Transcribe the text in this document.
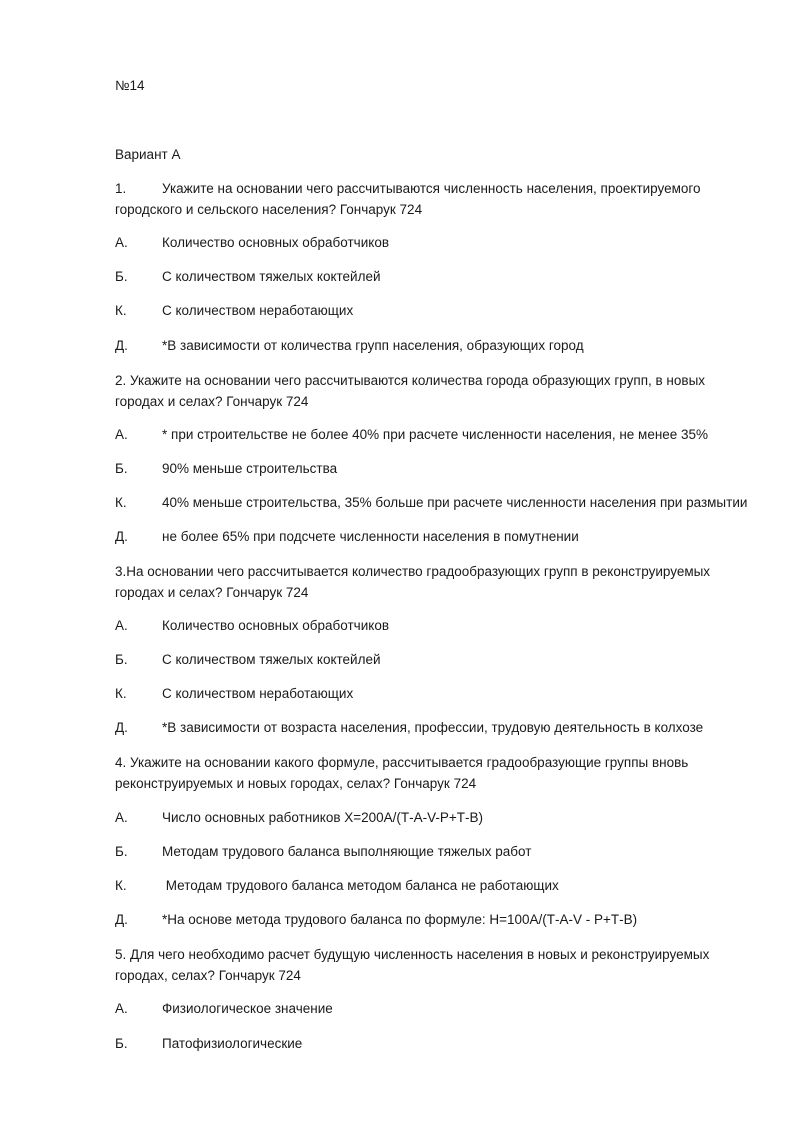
№14
Вариант А
1.	Укажите на основании чего рассчитываются численность населения, проектируемого городского и сельского населения? Гончарук 724
А.	Количество основных обработчиков
Б.	С количеством тяжелых коктейлей
К.	С количеством неработающих
Д.	*В зависимости от количества групп населения, образующих город
2. Укажите на основании чего рассчитываются количества города образующих групп, в новых городах и селах? Гончарук 724
А.	* при строительстве не более 40% при расчете численности населения, не менее 35%
Б.	90% меньше строительства
К.	40% меньше строительства, 35% больше при расчете численности населения при размытии
Д.	не более 65% при подсчете численности населения в помутнении
3.На основании чего рассчитывается количество градообразующих групп в реконструируемых городах и селах? Гончарук 724
А.	Количество основных обработчиков
Б.	С количеством тяжелых коктейлей
К.	С количеством неработающих
Д.	*В зависимости от возраста населения, профессии, трудовую деятельность в колхозе
4. Укажите на основании какого формуле, рассчитывается градообразующие группы вновь реконструируемых и новых городах, селах? Гончарук 724
А.	Число основных работников Х=200А/(Т-А-V-Р+Т-В)
Б.	Методам трудового баланса выполняющие тяжелых работ
К.	Методам трудового баланса методом баланса не работающих
Д.	*На основе метода трудового баланса по формуле: Н=100А/(Т-А-V - Р+Т-В)
5. Для чего необходимо расчет будущую численность населения в новых и реконструируемых городах, селах? Гончарук 724
А.	Физиологическое значение
Б.	Патофизиологические
